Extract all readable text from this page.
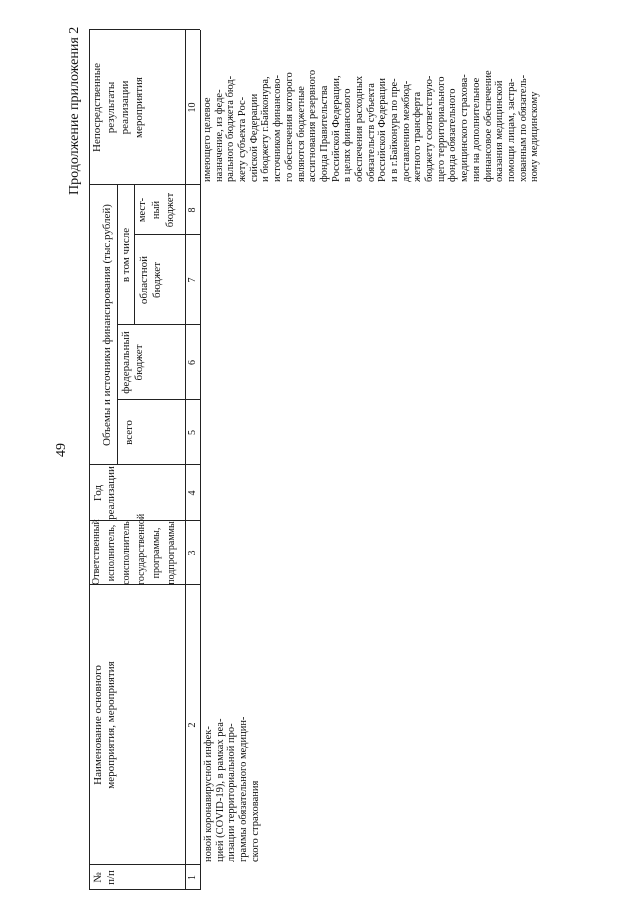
49
Продолжение приложения 2
№ п/п
Наименование основного мероприятия, мероприятия
Ответственный исполнитель, соисполнитель государственной программы, подпрограммы
Год реализации
Объемы и источники финансирования (тыс.рублей) всего
в том числе
федеральный бюджет
областной бюджет
мест- ный бюджет
Непосредственные результаты реализации мероприятия
1
2
3
4
5
6
7
8
10
новой коронавирусной инфек- цией (COVID-19), в рамках реа- лизации территориальной про- граммы обязательного медицин- ского страхования
имеющего целевое назначение, из феде- рального бюджета бюд- жету субъекта Рос- сийской Федерации и бюджету г.Байконура, источником финансово- го обеспечения которого являются бюджетные ассигнования резервного фонда Правительства Российской Федерации, в целях финансового обеспечения расходных обязательств субъекта Российской Федерации и в г.Байконура по пре- доставлению межбюд- жетного трансферта бюджету соответствую- щего территориального фонда обязательного медицинского страхова- ния на дополнительное финансовое обеспечение оказания медицинской помощи лицам, застра- хованным по обязатель- ному медицинскому
